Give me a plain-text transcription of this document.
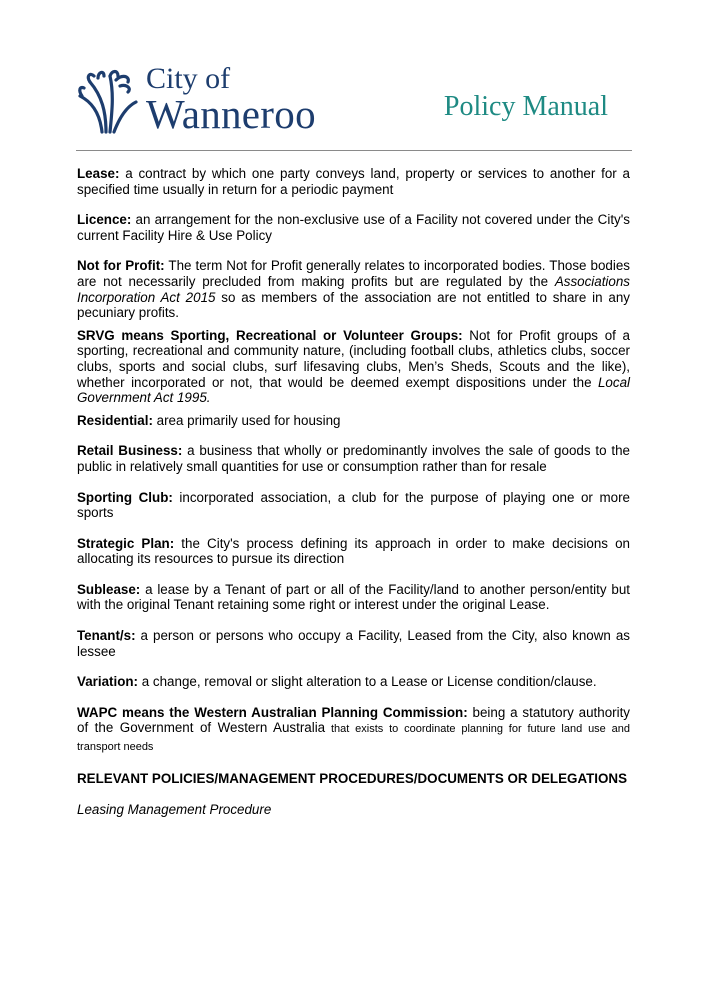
City of
Wanneroo	Policy Manual

Lease: a contract by which one party conveys land, property or services to another for a specified time usually in return for a periodic payment

Licence: an arrangement for the non-exclusive use of a Facility not covered under the City's current Facility Hire & Use Policy

Not for Profit: The term Not for Profit generally relates to incorporated bodies. Those bodies are not necessarily precluded from making profits but are regulated by the Associations Incorporation Act 2015 so as members of the association are not entitled to share in any pecuniary profits.

SRVG means Sporting, Recreational or Volunteer Groups: Not for Profit groups of a sporting, recreational and community nature, (including football clubs, athletics clubs, soccer clubs, sports and social clubs, surf lifesaving clubs, Men’s Sheds, Scouts and the like), whether incorporated or not, that would be deemed exempt dispositions under the Local Government Act 1995.

Residential: area primarily used for housing

Retail Business: a business that wholly or predominantly involves the sale of goods to the public in relatively small quantities for use or consumption rather than for resale

Sporting Club: incorporated association, a club for the purpose of playing one or more sports

Strategic Plan: the City's process defining its approach in order to make decisions on allocating its resources to pursue its direction

Sublease: a lease by a Tenant of part or all of the Facility/land to another person/entity but with the original Tenant retaining some right or interest under the original Lease.

Tenant/s: a person or persons who occupy a Facility, Leased from the City, also known as lessee

Variation: a change, removal or slight alteration to a Lease or License condition/clause.

WAPC means the Western Australian Planning Commission: being a statutory authority of the Government of Western Australia that exists to coordinate planning for future land use and transport needs

RELEVANT POLICIES/MANAGEMENT PROCEDURES/DOCUMENTS OR DELEGATIONS

Leasing Management Procedure
